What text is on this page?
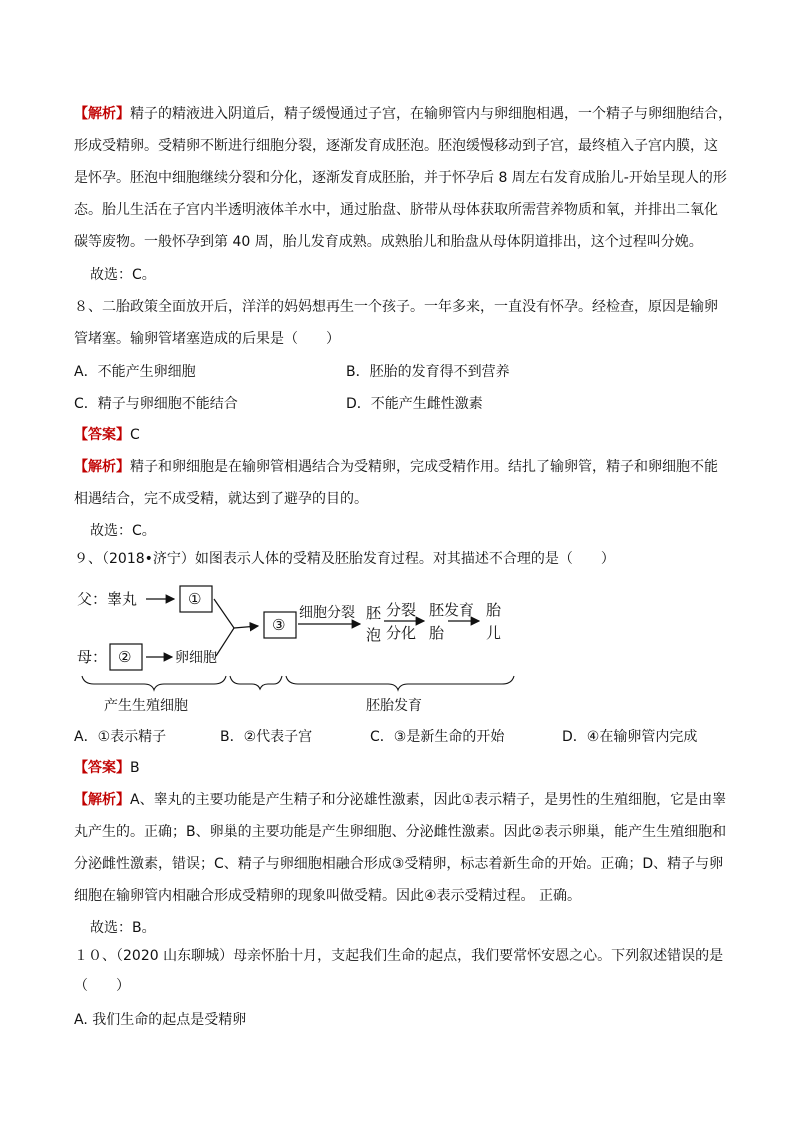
【解析】精子的精液进入阴道后，精子缓慢通过子宫，在输卵管内与卵细胞相遇，一个精子与卵细胞结合，
形成受精卵。受精卵不断进行细胞分裂，逐渐发育成胚泡。胚泡缓慢移动到子宫，最终植入子宫内膜，这
是怀孕。胚泡中细胞继续分裂和分化，逐渐发育成胚胎，并于怀孕后 8 周左右发育成胎儿-开始呈现人的形
态。胎儿生活在子宫内半透明液体羊水中，通过胎盘、脐带从母体获取所需营养物质和氧，并排出二氧化
碳等废物。一般怀孕到第 40 周，胎儿发育成熟。成熟胎儿和胎盘从母体阴道排出，这个过程叫分娩。
故选：C。
８、二胎政策全面放开后，洋洋的妈妈想再生一个孩子。一年多来，一直没有怀孕。经检查，原因是输卵
管堵塞。输卵管堵塞造成的后果是（　　）
A．不能产生卵细胞	B．胚胎的发育得不到营养
C．精子与卵细胞不能结合	D．不能产生雌性激素
【答案】C
【解析】精子和卵细胞是在输卵管相遇结合为受精卵，完成受精作用。结扎了输卵管，精子和卵细胞不能
相遇结合，完不成受精，就达到了避孕的目的。
故选：C。
９、（2018•济宁）如图表示人体的受精及胚胎发育过程。对其描述不合理的是（　　）
父：睾丸	①
母： ②	卵细胞
③
细胞分裂 胚
泡
分裂
分化
胚发育
胎
胎
儿
产生生殖细胞	胚胎发育
A．①表示精子	B．②代表子宫	C．③是新生命的开始	D．④在输卵管内完成
【答案】B
【解析】A、睾丸的主要功能是产生精子和分泌雄性激素，因此①表示精子，是男性的生殖细胞，它是由睾
丸产生的。正确；B、卵巢的主要功能是产生卵细胞、分泌雌性激素。因此②表示卵巢，能产生生殖细胞和
分泌雌性激素，错误；C、精子与卵细胞相融合形成③受精卵，标志着新生命的开始。正确；D、精子与卵
细胞在输卵管内相融合形成受精卵的现象叫做受精。因此④表示受精过程。 正确。
故选：B。
１０、（2020 山东聊城）母亲怀胎十月，支起我们生命的起点，我们要常怀安恩之心。下列叙述错误的是
（　　）
A. 我们生命的起点是受精卵
